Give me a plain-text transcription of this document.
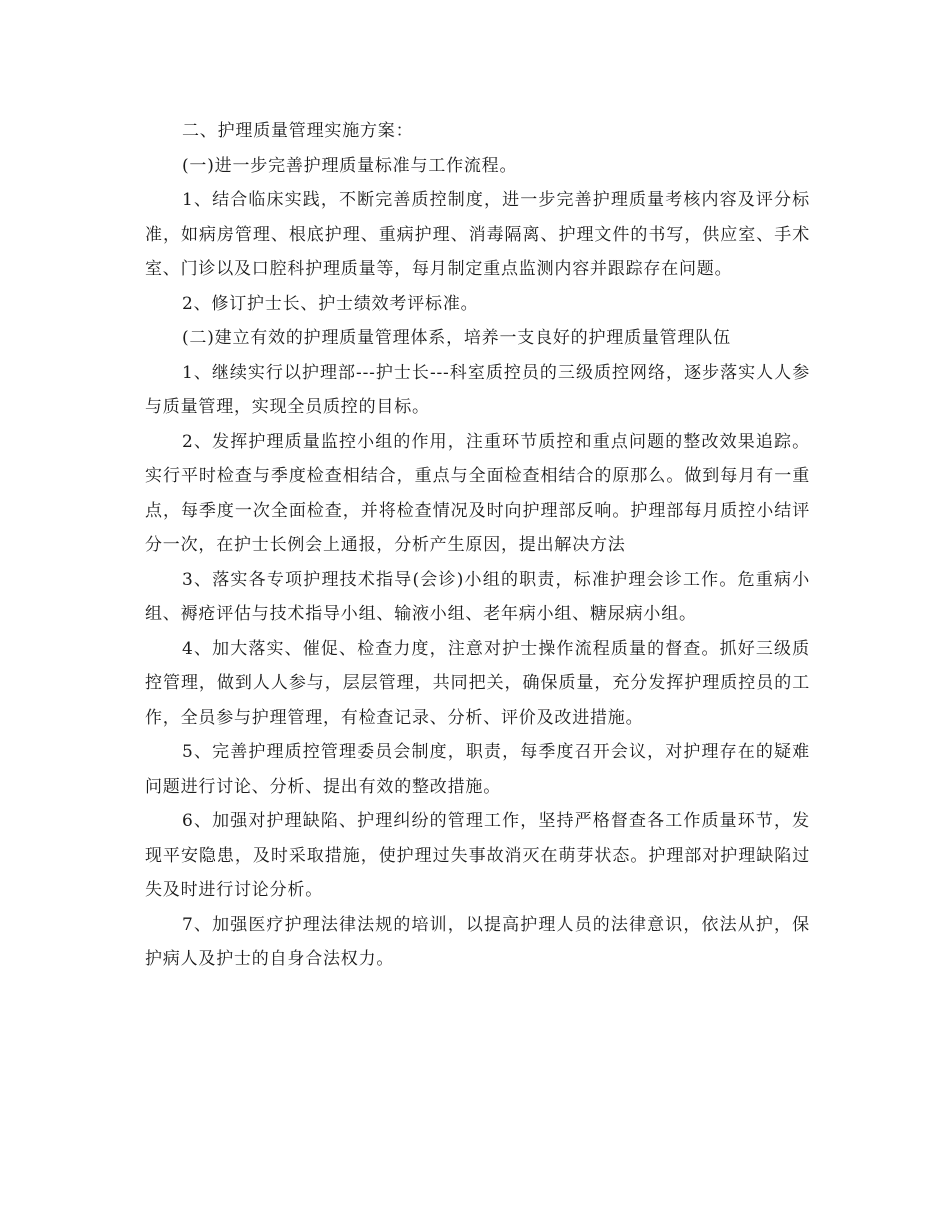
二、护理质量管理实施方案：

(一)进一步完善护理质量标准与工作流程。

1、结合临床实践，不断完善质控制度，进一步完善护理质量考核内容及评分标准，如病房管理、根底护理、重病护理、消毒隔离、护理文件的书写，供应室、手术室、门诊以及口腔科护理质量等，每月制定重点监测内容并跟踪存在问题。

2、修订护士长、护士绩效考评标准。

(二)建立有效的护理质量管理体系，培养一支良好的护理质量管理队伍

1、继续实行以护理部---护士长---科室质控员的三级质控网络，逐步落实人人参与质量管理，实现全员质控的目标。

2、发挥护理质量监控小组的作用，注重环节质控和重点问题的整改效果追踪。实行平时检查与季度检查相结合，重点与全面检查相结合的原那么。做到每月有一重点，每季度一次全面检查，并将检查情况及时向护理部反响。护理部每月质控小结评分一次，在护士长例会上通报，分析产生原因，提出解决方法

3、落实各专项护理技术指导(会诊)小组的职责，标准护理会诊工作。危重病小组、褥疮评估与技术指导小组、输液小组、老年病小组、糖尿病小组。

4、加大落实、催促、检查力度，注意对护士操作流程质量的督查。抓好三级质控管理，做到人人参与，层层管理，共同把关，确保质量，充分发挥护理质控员的工作，全员参与护理管理，有检查记录、分析、评价及改进措施。

5、完善护理质控管理委员会制度，职责，每季度召开会议，对护理存在的疑难问题进行讨论、分析、提出有效的整改措施。

6、加强对护理缺陷、护理纠纷的管理工作，坚持严格督查各工作质量环节，发现平安隐患，及时采取措施，使护理过失事故消灭在萌芽状态。护理部对护理缺陷过失及时进行讨论分析。

7、加强医疗护理法律法规的培训，以提高护理人员的法律意识，依法从护，保护病人及护士的自身合法权力。
